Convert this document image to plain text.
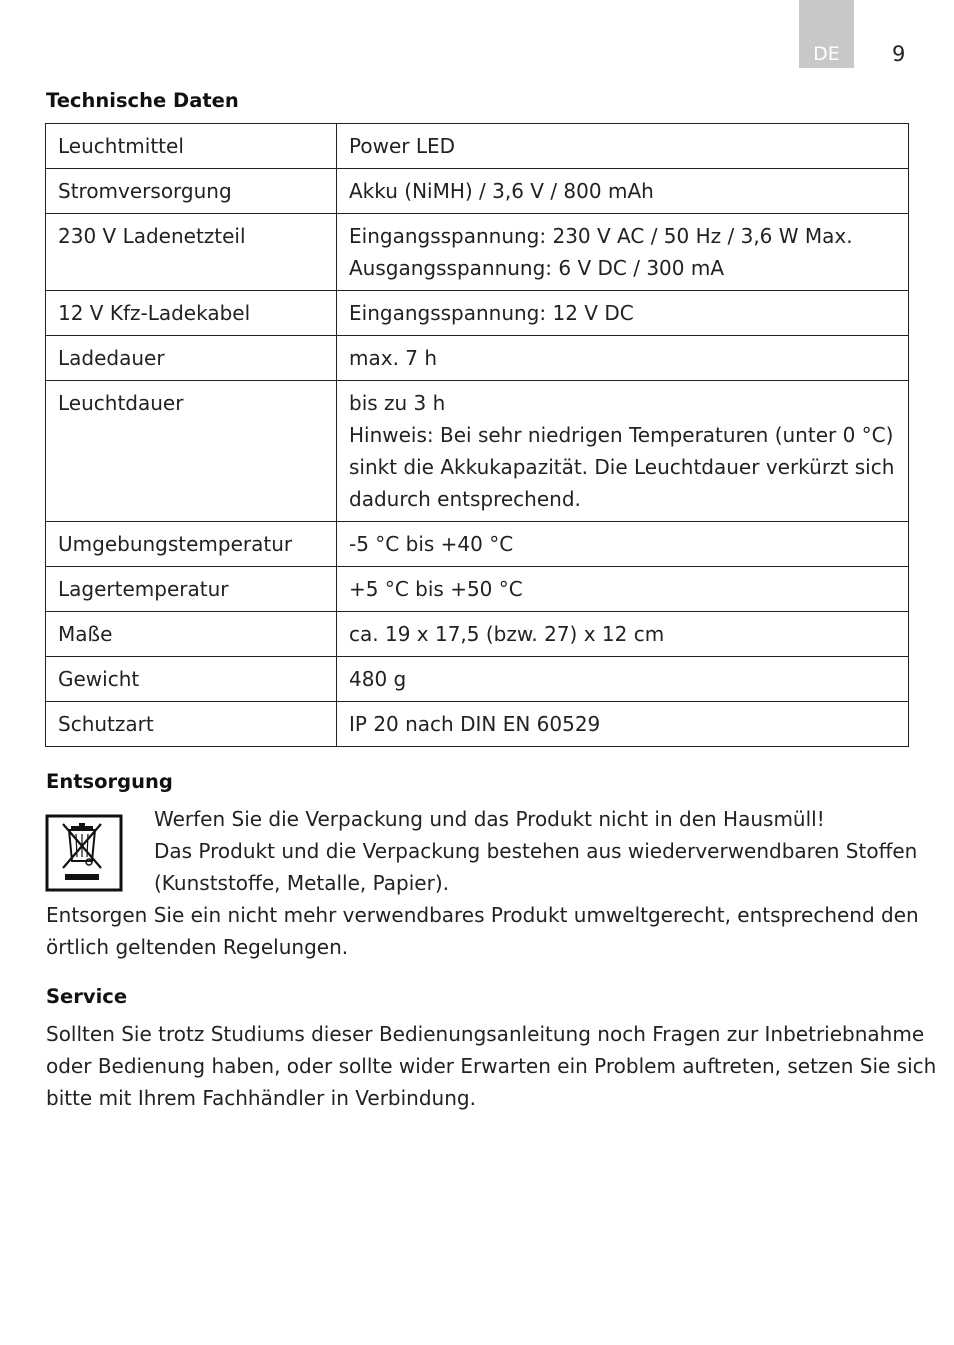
DE 9
Technische Daten
Leuchtmittel	Power LED

Stromversorgung	Akku (NiMH) / 3,6 V / 800 mAh

230 V Ladenetzteil	Eingangsspannung: 230 V AC / 50 Hz / 3,6 W Max.
Ausgangsspannung: 6 V DC / 300 mA

12 V Kfz-Ladekabel	Eingangsspannung: 12 V DC

Ladedauer	max. 7 h

Leuchtdauer	bis zu 3 h
Hinweis: Bei sehr niedrigen Temperaturen (unter 0 °C)
sinkt die Akkukapazität. Die Leuchtdauer verkürzt sich
dadurch entsprechend.

Umgebungstemperatur	-5 °C bis +40 °C

Lagertemperatur	+5 °C bis +50 °C

Maße	ca. 19 x 17,5 (bzw. 27) x 12 cm

Gewicht	480 g

Schutzart	IP 20 nach DIN EN 60529
Entsorgung
Werfen Sie die Verpackung und das Produkt nicht in den Hausmüll!
Das Produkt und die Verpackung bestehen aus wiederverwendbaren Stoffen
(Kunststoffe, Metalle, Papier).
Entsorgen Sie ein nicht mehr verwendbares Produkt umweltgerecht, entsprechend den
örtlich geltenden Regelungen.
Service
Sollten Sie trotz Studiums dieser Bedienungsanleitung noch Fragen zur Inbetriebnahme
oder Bedienung haben, oder sollte wider Erwarten ein Problem auftreten, setzen Sie sich
bitte mit Ihrem Fachhändler in Verbindung.
